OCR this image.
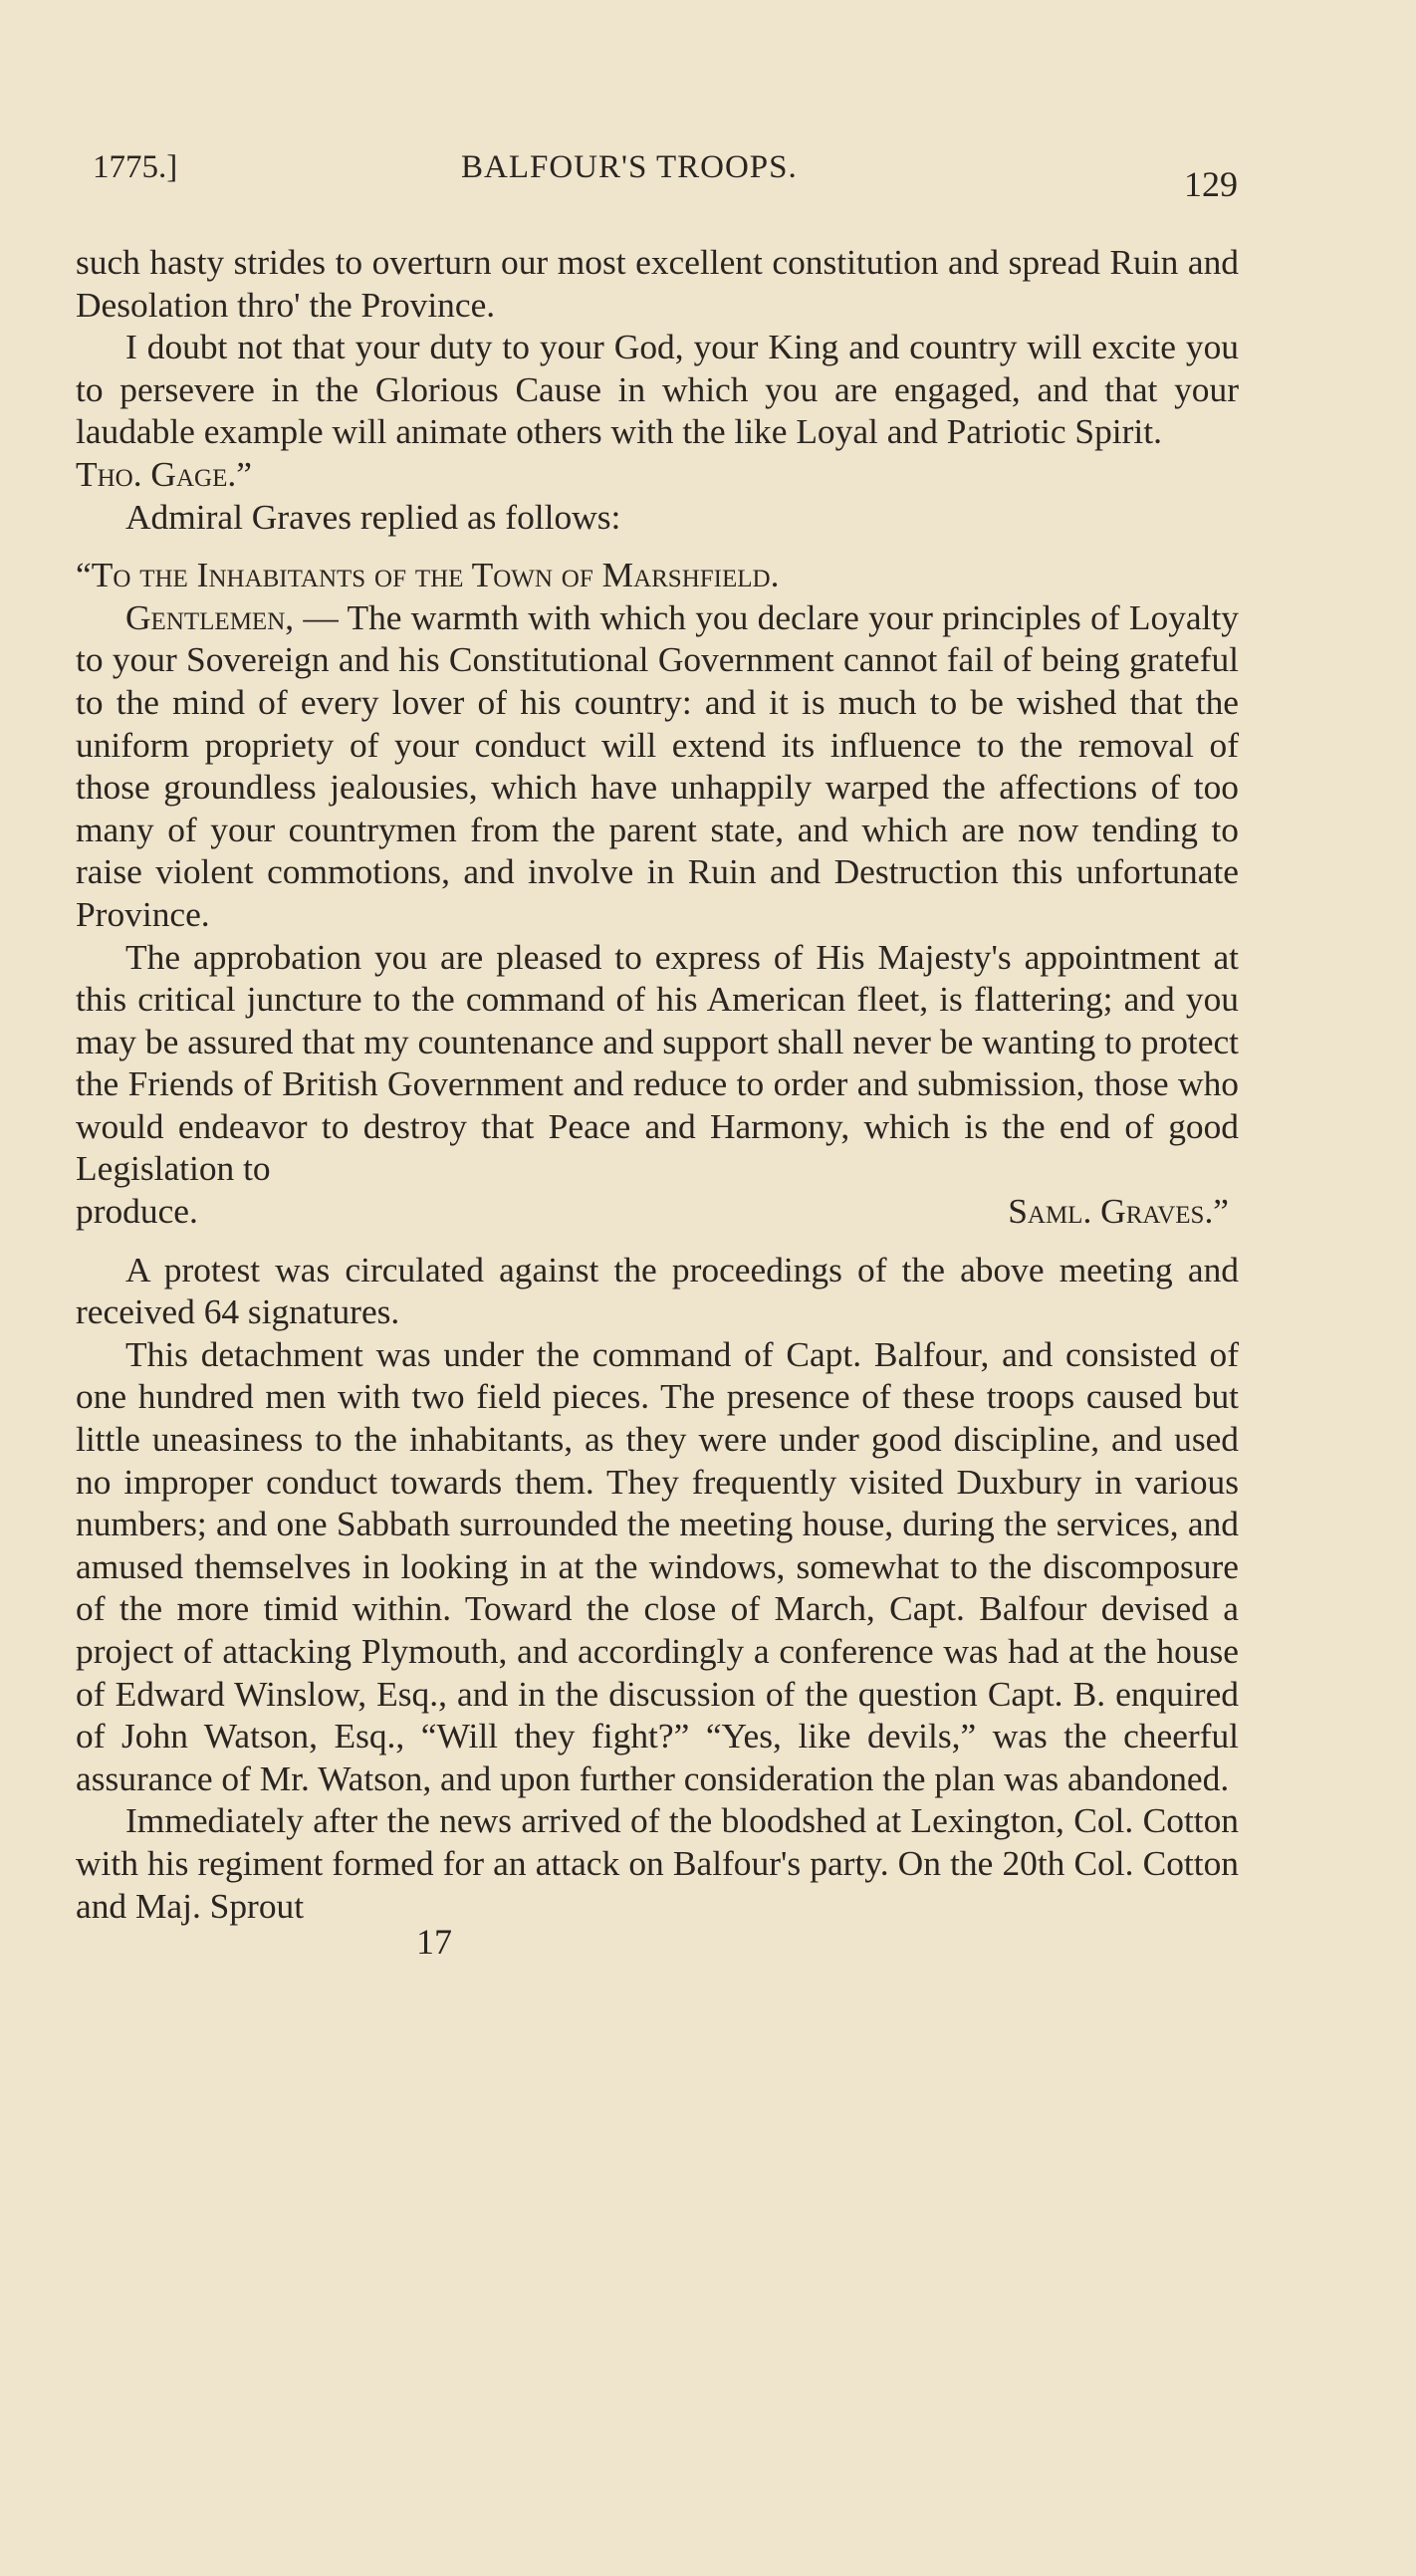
1775.]	BALFOUR'S TROOPS.	129

such hasty strides to overturn our most excellent constitution and spread Ruin and Desolation thro' the Province.

I doubt not that your duty to your God, your King and country will excite you to persevere in the Glorious Cause in which you are engaged, and that your laudable example will animate others with the like Loyal and Patriotic Spirit.

Tho. Gage.”

Admiral Graves replied as follows:

“To the Inhabitants of the Town of Marshfield.

Gentlemen, — The warmth with which you declare your principles of Loyalty to your Sovereign and his Constitutional Government cannot fail of being grateful to the mind of every lover of his country: and it is much to be wished that the uniform propriety of your conduct will extend its influence to the removal of those groundless jealousies, which have unhappily warped the affections of too many of your countrymen from the parent state, and which are now tending to raise violent commotions, and involve in Ruin and Destruction this unfortunate Province.

The approbation you are pleased to express of His Majesty's appointment at this critical juncture to the command of his American fleet, is flattering; and you may be assured that my countenance and support shall never be wanting to protect the Friends of British Government and reduce to order and submission, those who would endeavor to destroy that Peace and Harmony, which is the end of good Legislation to

produce.	Saml. Graves.”

A protest was circulated against the proceedings of the above meeting and received 64 signatures.

This detachment was under the command of Capt. Balfour, and consisted of one hundred men with two field pieces. The presence of these troops caused but little uneasiness to the inhabitants, as they were under good discipline, and used no improper conduct towards them. They frequently visited Duxbury in various numbers; and one Sabbath surrounded the meeting house, during the services, and amused themselves in looking in at the windows, somewhat to the discomposure of the more timid within. Toward the close of March, Capt. Balfour devised a project of attacking Plymouth, and accordingly a conference was had at the house of Edward Winslow, Esq., and in the discussion of the question Capt. B. enquired of John Watson, Esq., “Will they fight?” “Yes, like devils,” was the cheerful assurance of Mr. Watson, and upon further consideration the plan was abandoned.

Immediately after the news arrived of the bloodshed at Lexington, Col. Cotton with his regiment formed for an attack on Balfour's party. On the 20th Col. Cotton and Maj. Sprout

17
